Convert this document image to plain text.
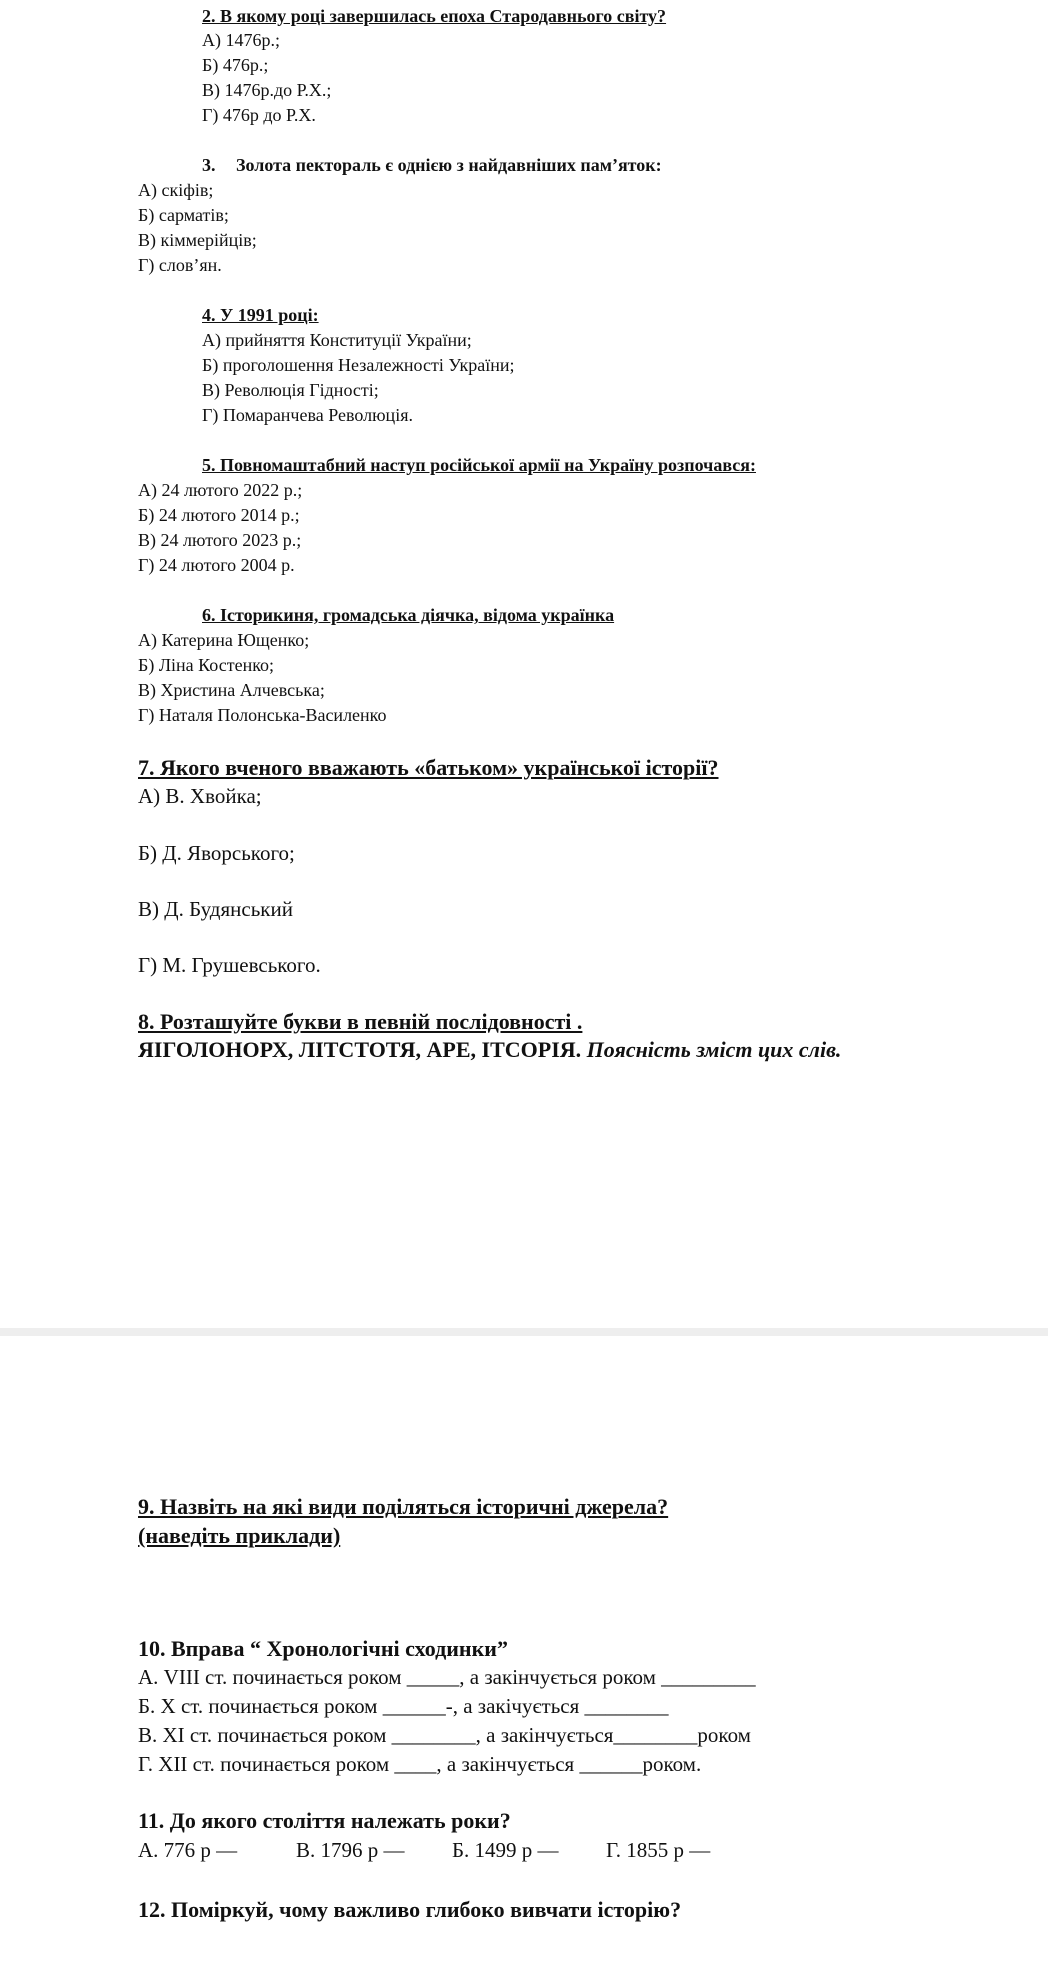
2. В якому році завершилась епоха Стародавнього світу?
А) 1476р.;
Б) 476р.;
В) 1476р.до Р.Х.;
Г) 476р до Р.Х.
3. Золота пектораль є однією з найдавніших пам’яток:
А) скіфів;
Б) сарматів;
В) кіммерійців;
Г) слов’ян.
4. У 1991 році:
А) прийняття Конституції України;
Б) проголошення Незалежності України;
В) Революція Гідності;
Г) Помаранчева Революція.
5. Повномаштабний наступ російської армії на Україну розпочався:
А) 24 лютого 2022 р.;
Б) 24 лютого 2014 р.;
В) 24 лютого 2023 р.;
Г) 24 лютого 2004 р.
6. Історикиня, громадська діячка, відома українка
А) Катерина Ющенко;
Б) Ліна Костенко;
В) Христина Алчевська;
Г) Наталя Полонська-Василенко
7. Якого вченого вважають «батьком» української історії?
А) В. Хвойка;
Б) Д. Яворського;
В) Д. Будянський
Г) М. Грушевського.
8. Розташуйте букви в певній послідовності .
ЯІГОЛОНОРХ, ЛІТСТОТЯ, АРЕ, ІТСОРІЯ. Поясність зміст цих слів.
9. Назвіть на які види поділяться історичні джерела?
(наведіть приклади)
10. Вправа “ Хронологічні сходинки”
А. VIII ст. починається роком _____, а закінчується роком _________
Б. Х ст. починається роком ______-, а закічується ________
В. ХІ ст. починається роком ________, а закінчується________роком
Г. ХІІ ст. починається роком ____, а закінчується ______роком.
11. До якого століття належать роки?
А. 776 р —	В. 1796 р — Б. 1499 р — Г. 1855 р —
12. Поміркуй, чому важливо глибоко вивчати історію?
